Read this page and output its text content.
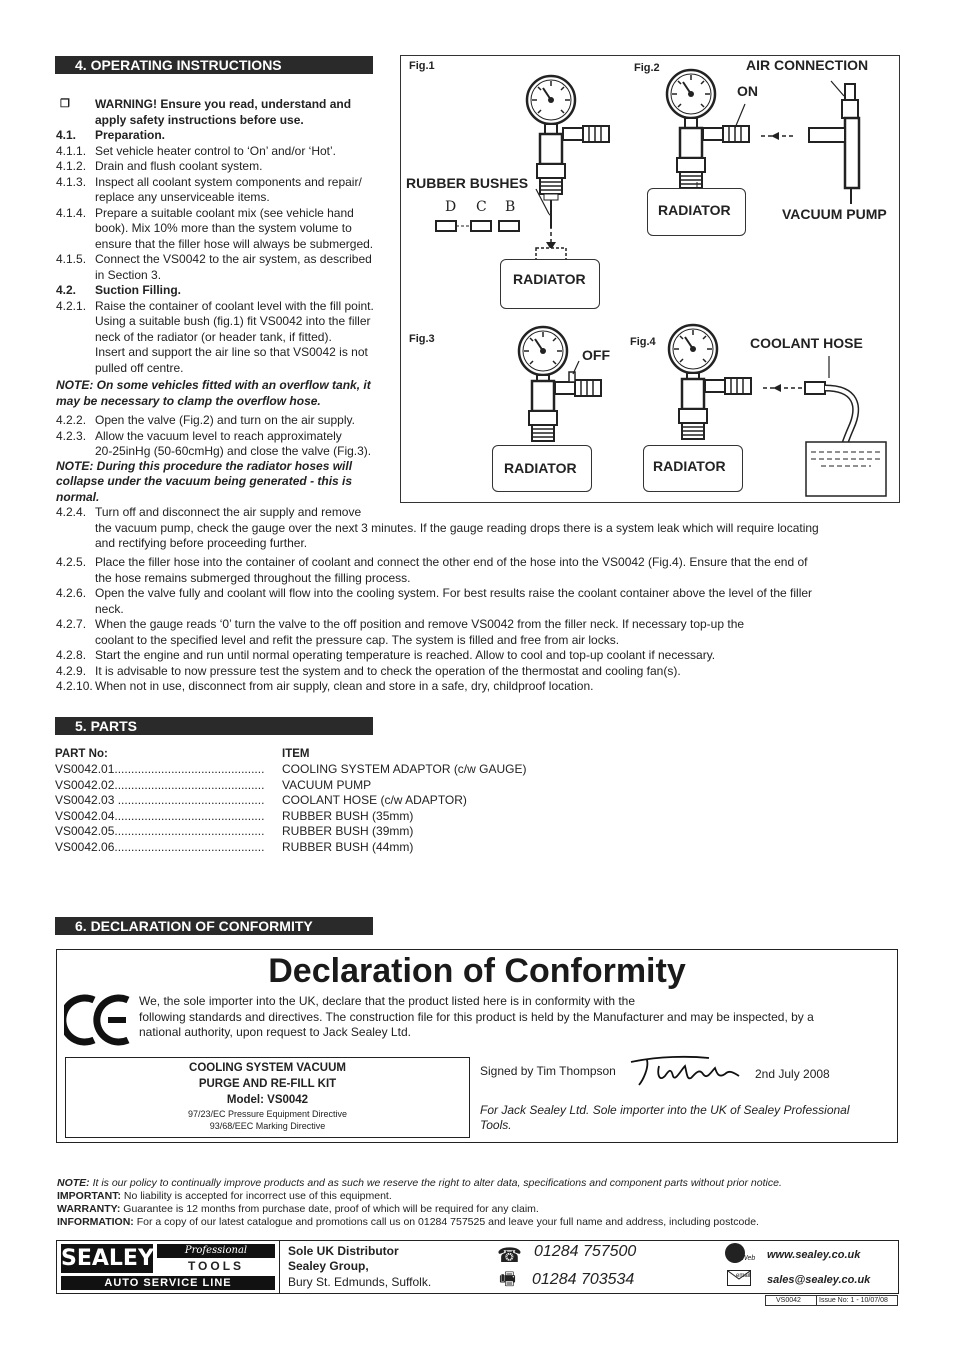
4. OPERATING INSTRUCTIONS
❐ WARNING! Ensure you read, understand and
apply safety instructions before use.
4.1. Preparation.
4.1.1. Set vehicle heater control to ‘On’ and/or ‘Hot’.
4.1.2. Drain and flush coolant system.
4.1.3. Inspect all coolant system components and repair/
replace any unserviceable items.
4.1.4. Prepare a suitable coolant mix (see vehicle hand
book). Mix 10% more than the system volume to
ensure that the filler hose will always be submerged.
4.1.5. Connect the VS0042 to the air system, as described
in Section 3.
4.2. Suction Filling.
4.2.1. Raise the container of coolant level with the fill point.
Using a suitable bush (fig.1) fit VS0042 into the filler
neck of the radiator (or header tank, if fitted).
Insert and support the air line so that VS0042 is not
pulled off centre.
NOTE: On some vehicles fitted with an overflow tank, it
may be necessary to clamp the overflow hose.
4.2.2. Open the valve (Fig.2) and turn on the air supply.
4.2.3. Allow the vacuum level to reach approximately
20-25inHg (50-60cmHg) and close the valve (Fig.3).
NOTE: During this procedure the radiator hoses will
collapse under the vacuum being generated - this is
normal.
4.2.4. Turn off and disconnect the air supply and remove
the vacuum pump, check the gauge over the next 3 minutes. If the gauge reading drops there is a system leak which will require locating
and rectifying before proceeding further.
4.2.5. Place the filler hose into the container of coolant and connect the other end of the hose into the VS0042 (Fig.4). Ensure that the end of
the hose remains submerged throughout the filling process.
4.2.6. Open the valve fully and coolant will flow into the cooling system. For best results raise the coolant container above the level of the filler
neck.
4.2.7. When the gauge reads ‘0’ turn the valve to the off position and remove VS0042 from the filler neck. If necessary top-up the
coolant to the specified level and refit the pressure cap. The system is filled and free from air locks.
4.2.8. Start the engine and run until normal operating temperature is reached. Allow to cool and top-up coolant if necessary.
4.2.9. It is advisable to now pressure test the system and to check the operation of the thermostat and cooling fan(s).
4.2.10. When not in use, disconnect from air supply, clean and store in a safe, dry, childproof location.
Fig.1	Fig.2
Fig.3	Fig.4
RUBBER BUSHES
D C B
RADIATOR
AIR CONNECTION
ON
RADIATOR	VACUUM PUMP
OFF
RADIATOR
COOLANT HOSE
RADIATOR
5. PARTS
PART No:	ITEM
VS0042.01.............................................	COOLING SYSTEM ADAPTOR (c/w GAUGE)
VS0042.02.............................................	VACUUM PUMP
VS0042.03 ............................................	COOLANT HOSE (c/w ADAPTOR)
VS0042.04.............................................	RUBBER BUSH (35mm)
VS0042.05.............................................	RUBBER BUSH (39mm)
VS0042.06.............................................	RUBBER BUSH (44mm)
6. DECLARATION OF CONFORMITY
Declaration of Conformity
We, the sole importer into the UK, declare that the product listed here is in conformity with the
following standards and directives. The construction file for this product is held by the Manufacturer and may be inspected, by a
national authority, upon request to Jack Sealey Ltd.
COOLING SYSTEM VACUUM
PURGE AND RE-FILL KIT
Model: VS0042
97/23/EC Pressure Equipment Directive
93/68/EEC Marking Directive
Signed by Tim Thompson	2nd July 2008
For Jack Sealey Ltd. Sole importer into the UK of Sealey Professional
Tools.
NOTE: It is our policy to continually improve products and as such we reserve the right to alter data, specifications and component parts without prior notice.
IMPORTANT: No liability is accepted for incorrect use of this equipment.
WARRANTY: Guarantee is 12 months from purchase date, proof of which will be required for any claim.
INFORMATION: For a copy of our latest catalogue and promotions call us on 01284 757525 and leave your full name and address, including postcode.
SEALEY	Professional
TOOLS
AUTO SERVICE LINE
Sole UK Distributor
Sealey Group,
Bury St. Edmunds, Suffolk.
☎ 01284 757500
🖷 01284 703534
Web www.sealey.co.uk
email sales@sealey.co.uk
VS0042	Issue No: 1 - 10/07/08
